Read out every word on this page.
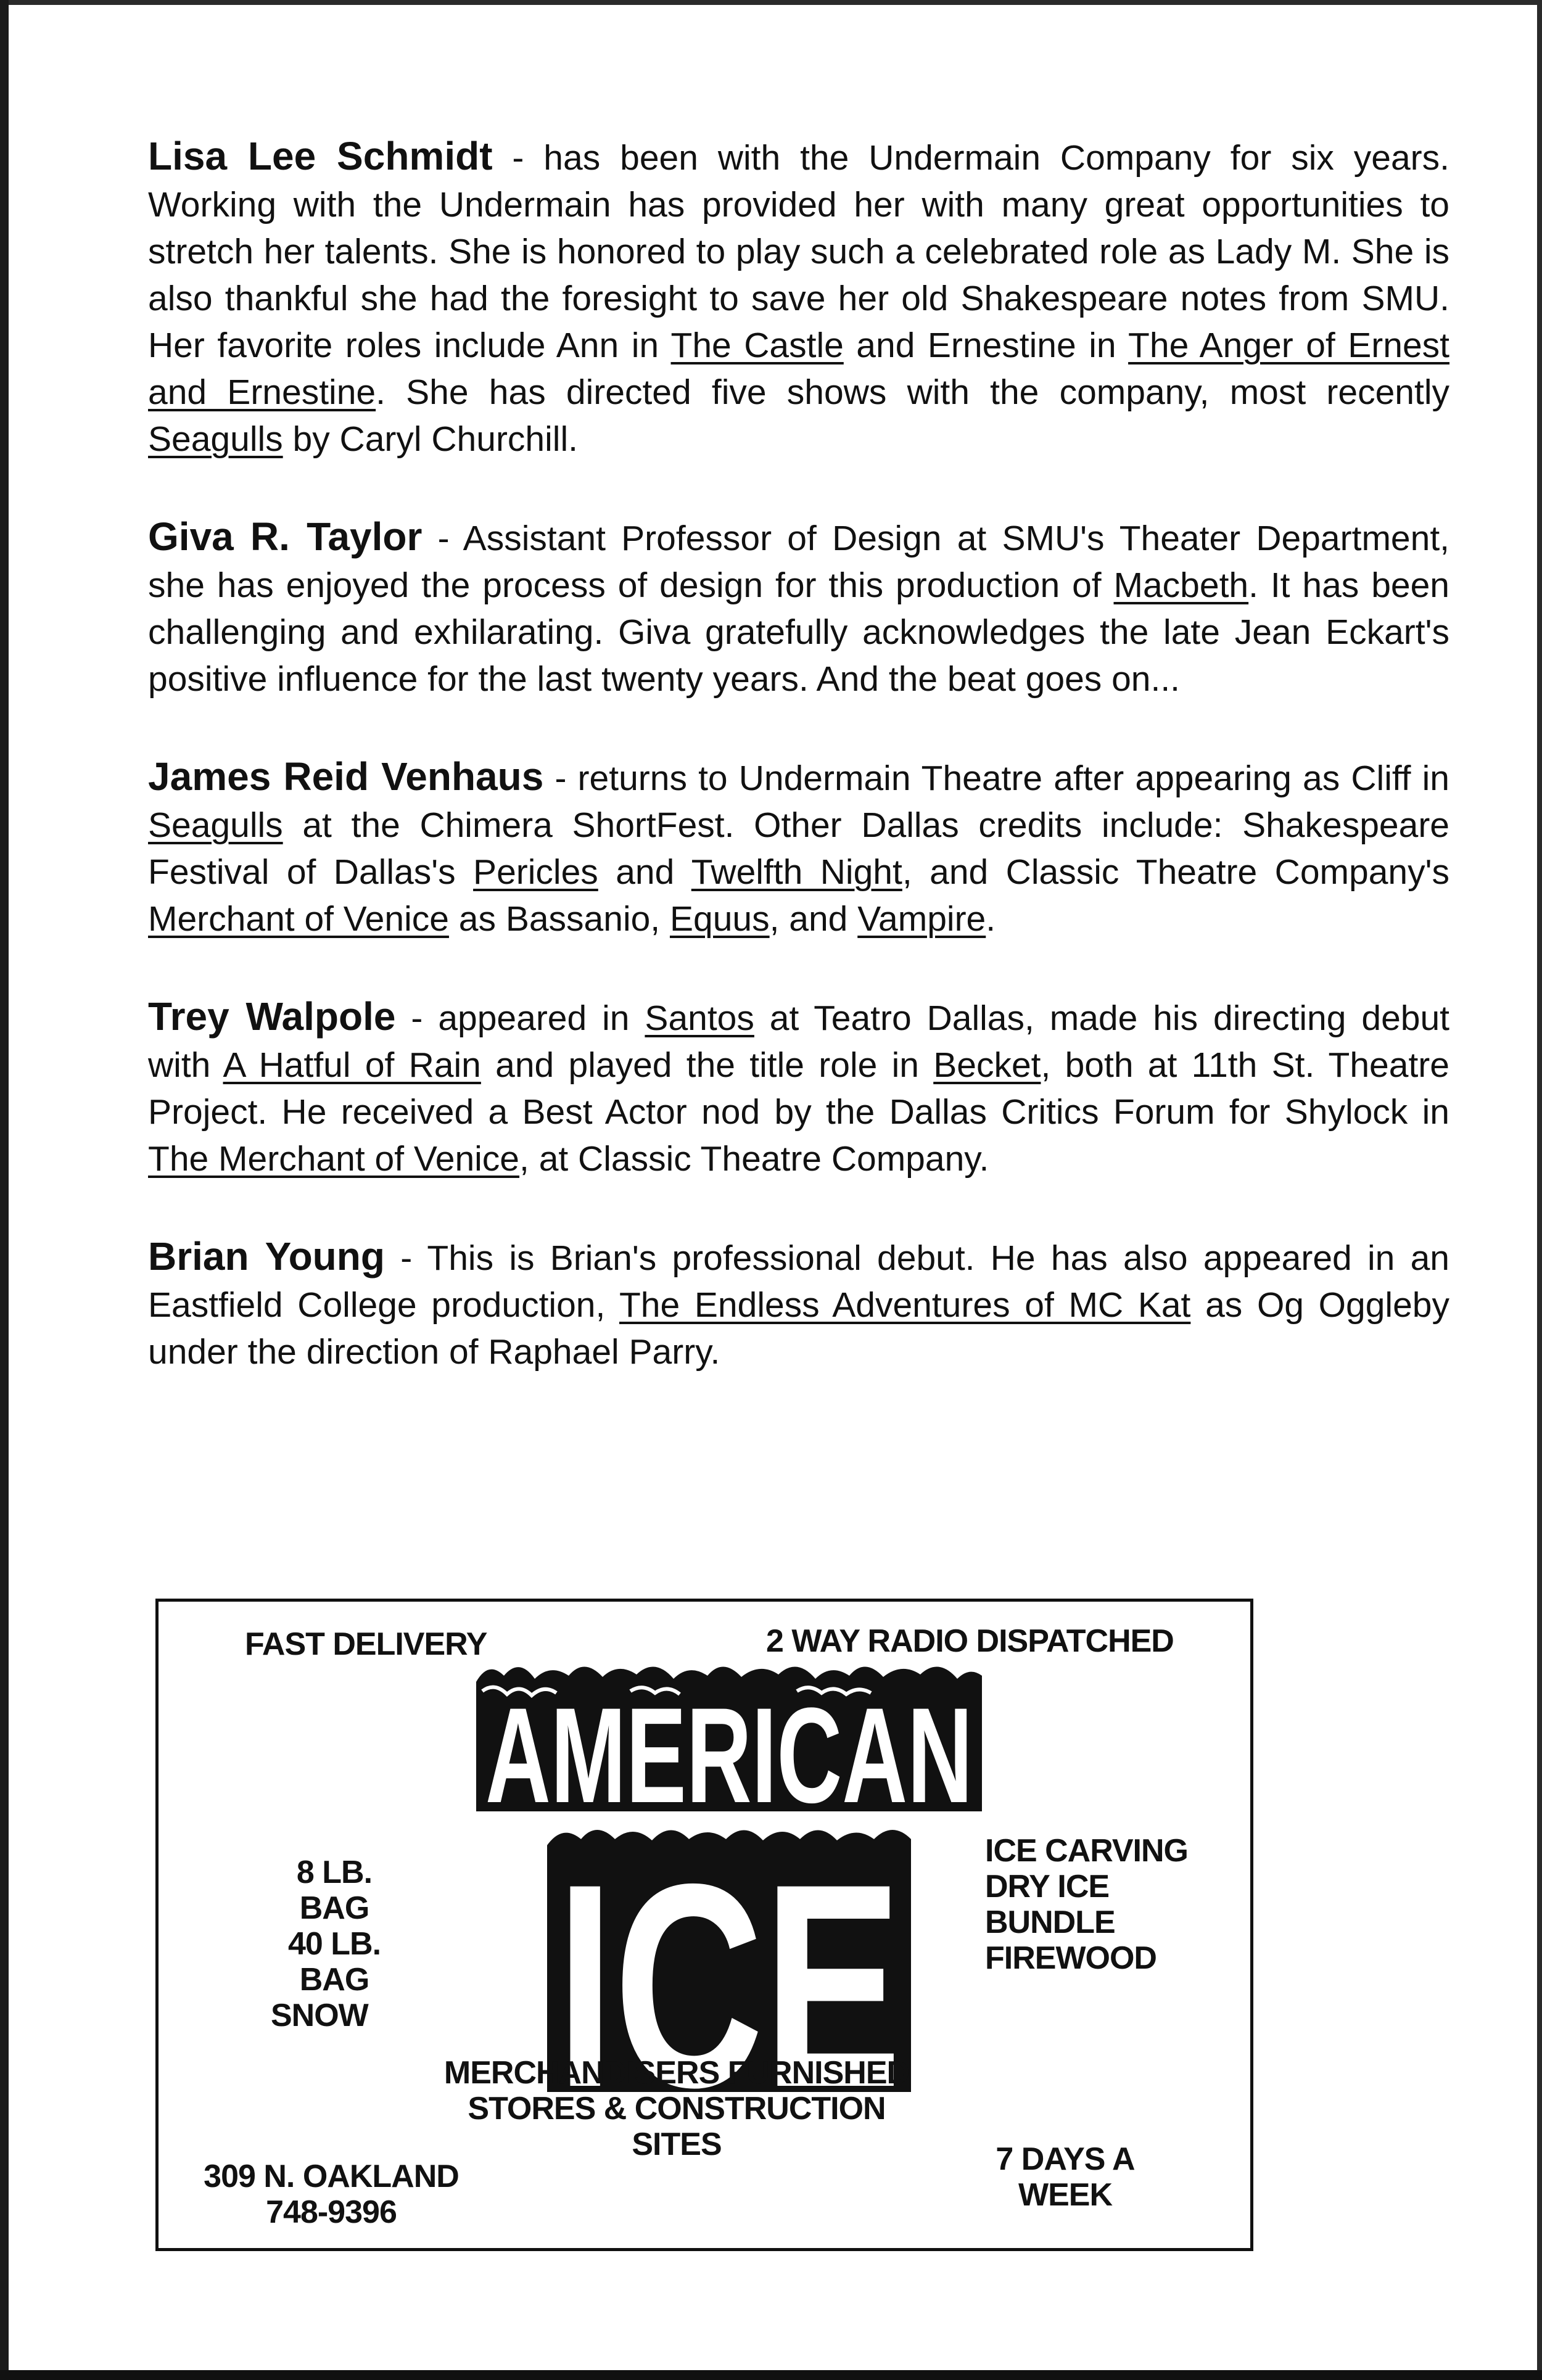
Lisa Lee Schmidt - has been with the Undermain Company for six years. Working with the Undermain has provided her with many great opportunities to stretch her talents. She is honored to play such a celebrated role as Lady M. She is also thankful she had the foresight to save her old Shakespeare notes from SMU. Her favorite roles include Ann in The Castle and Ernestine in The Anger of Ernest and Ernestine. She has directed five shows with the company, most recently Seagulls by Caryl Churchill.

Giva R. Taylor - Assistant Professor of Design at SMU's Theater Department, she has enjoyed the process of design for this production of Macbeth. It has been challenging and exhilarating. Giva gratefully acknowledges the late Jean Eckart's positive influence for the last twenty years. And the beat goes on...

James Reid Venhaus - returns to Undermain Theatre after appearing as Cliff in Seagulls at the Chimera ShortFest. Other Dallas credits include: Shakespeare Festival of Dallas's Pericles and Twelfth Night, and Classic Theatre Company's Merchant of Venice as Bassanio, Equus, and Vampire.

Trey Walpole - appeared in Santos at Teatro Dallas, made his directing debut with A Hatful of Rain and played the title role in Becket, both at 11th St. Theatre Project. He received a Best Actor nod by the Dallas Critics Forum for Shylock in The Merchant of Venice, at Classic Theatre Company.

Brian Young - This is Brian's professional debut. He has also appeared in an Eastfield College production, The Endless Adventures of MC Kat as Og Oggleby under the direction of Raphael Parry.

FAST DELIVERY	2 WAY RADIO DISPATCHED
AMERICAN
ICE
8 LB. BAG
40 LB. BAG
SNOW
ICE CARVING
DRY ICE
BUNDLE
FIREWOOD
MERCHANDISERS FURNISHED
STORES & CONSTRUCTION SITES
309 N. OAKLAND
748-9396
7 DAYS A
WEEK
